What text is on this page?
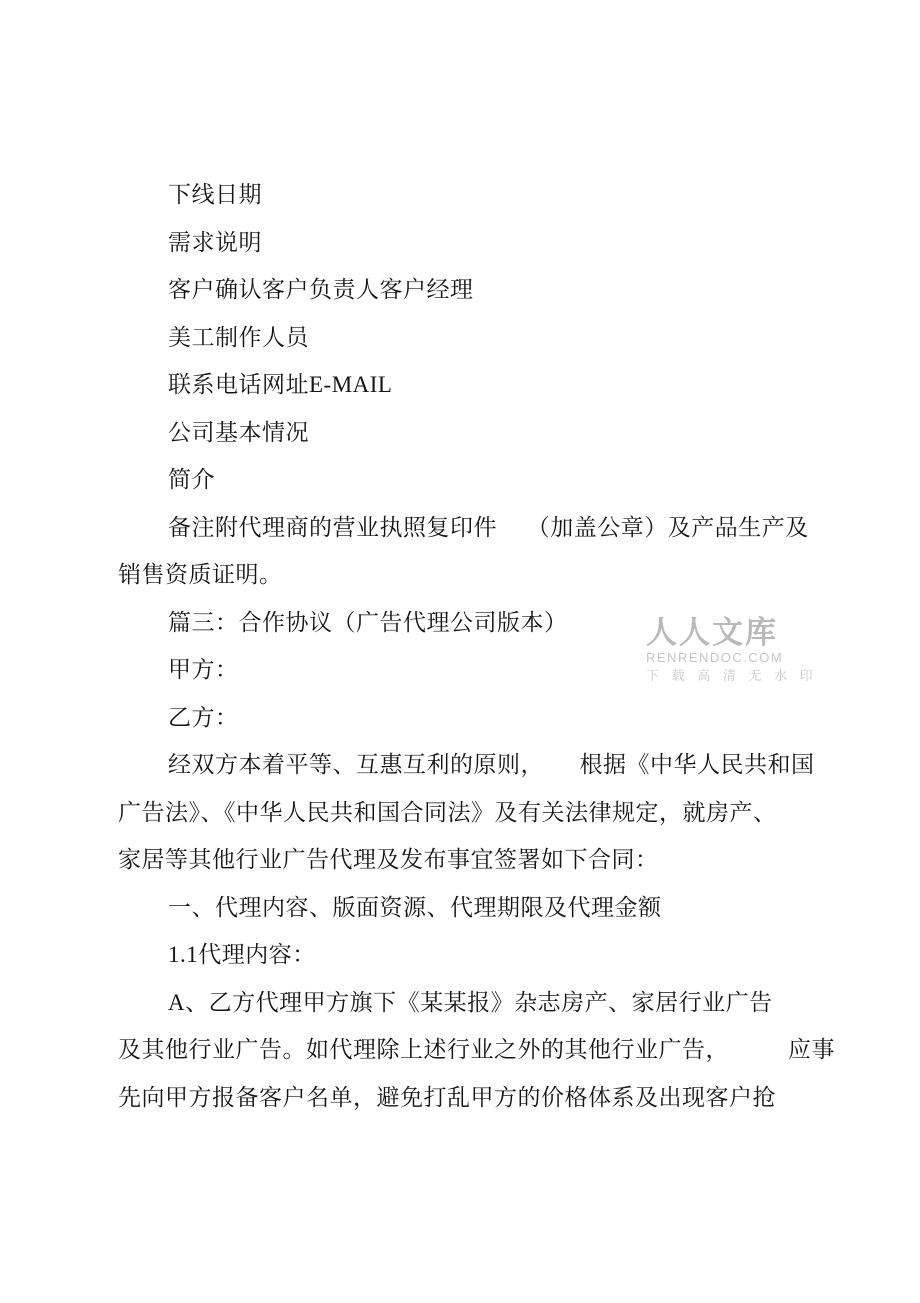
下线日期
需求说明
客户确认客户负责人客户经理
美工制作人员
联系电话网址E-MAIL
公司基本情况
简介
备注附代理商的营业执照复印件　 （加盖公章）及产品生产及
销售资质证明。
篇三：合作协议（广告代理公司版本）
甲方：
乙方：
经双方本着平等、互惠互利的原则，　　根据《中华人民共和国
广告法》、《中华人民共和国合同法》及有关法律规定，就房产、
家居等其他行业广告代理及发布事宜签署如下合同：
一、代理内容、版面资源、代理期限及代理金额
1.1代理内容：
A、乙方代理甲方旗下《某某报》杂志房产、家居行业广告
及其他行业广告。如代理除上述行业之外的其他行业广告，　　　应事
先向甲方报备客户名单，避免打乱甲方的价格体系及出现客户抢
人人文库
RENRENDOC.COM
下 载 高 清 无 水 印
